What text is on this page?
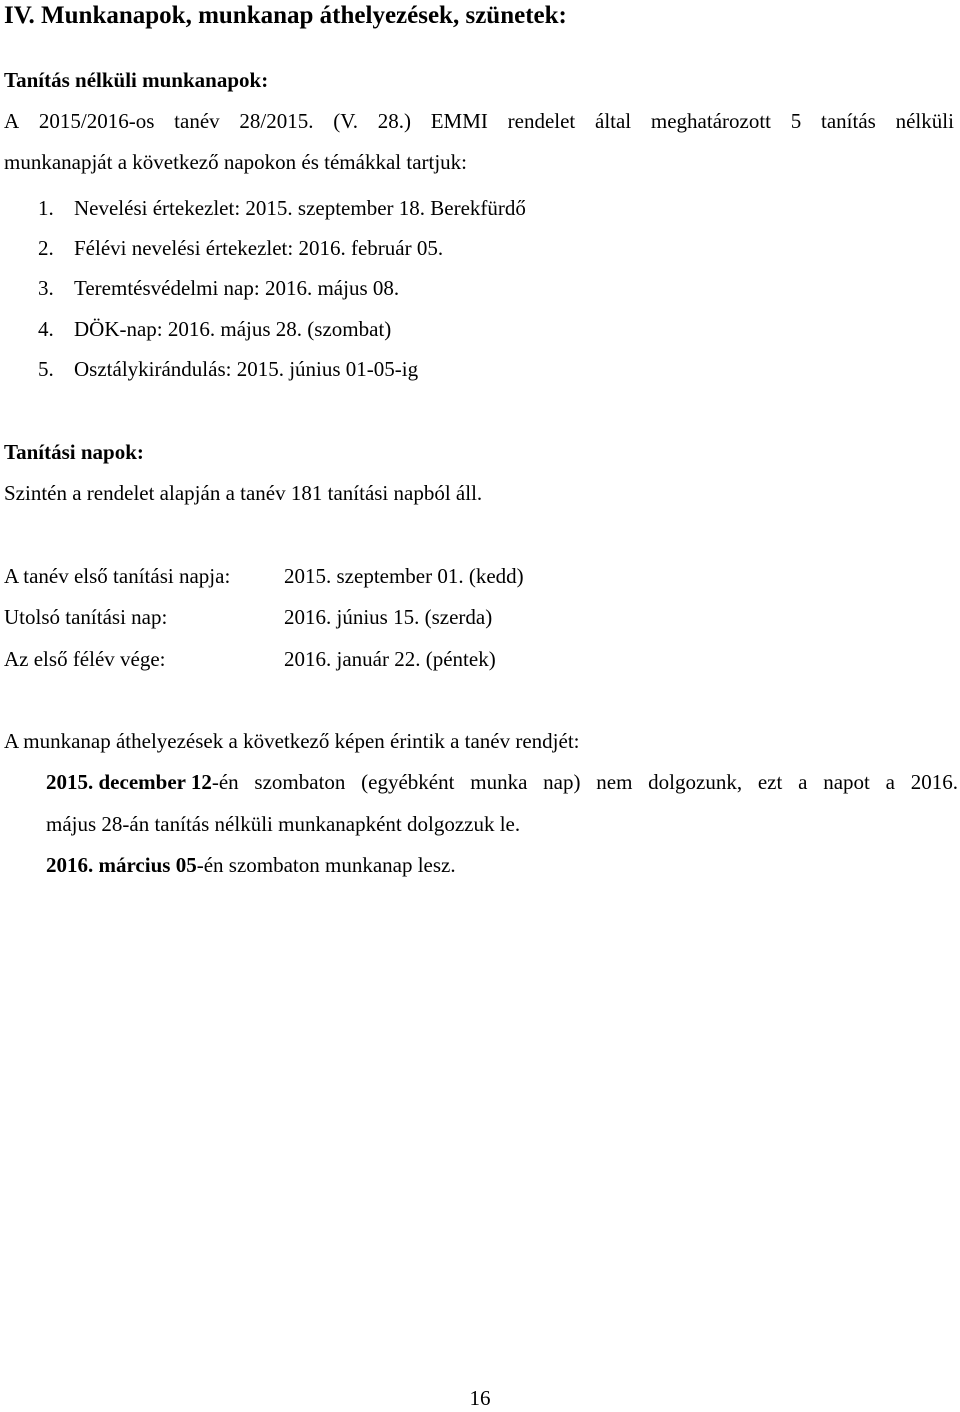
IV. Munkanapok, munkanap áthelyezések, szünetek:
Tanítás nélküli munkanapok:
A 2015/2016-os tanév 28/2015. (V. 28.) EMMI rendelet által meghatározott 5 tanítás nélküli
munkanapját a következő napokon és témákkal tartjuk:
1. Nevelési értekezlet: 2015. szeptember 18. Berekfürdő
2. Félévi nevelési értekezlet: 2016. február 05.
3. Teremtésvédelmi nap: 2016. május 08.
4. DÖK-nap: 2016. május 28. (szombat)
5. Osztálykirándulás: 2015. június 01-05-ig
Tanítási napok:
Szintén a rendelet alapján a tanév 181 tanítási napból áll.
A tanév első tanítási napja:	2015. szeptember 01. (kedd)
Utolsó tanítási nap:	2016. június 15. (szerda)
Az első félév vége:	2016. január 22. (péntek)
A munkanap áthelyezések a következő képen érintik a tanév rendjét:
2015. december 12-én szombaton (egyébként munka nap) nem dolgozunk, ezt a napot a 2016.
május 28-án tanítás nélküli munkanapként dolgozzuk le.
2016. március 05-én szombaton munkanap lesz.
16
